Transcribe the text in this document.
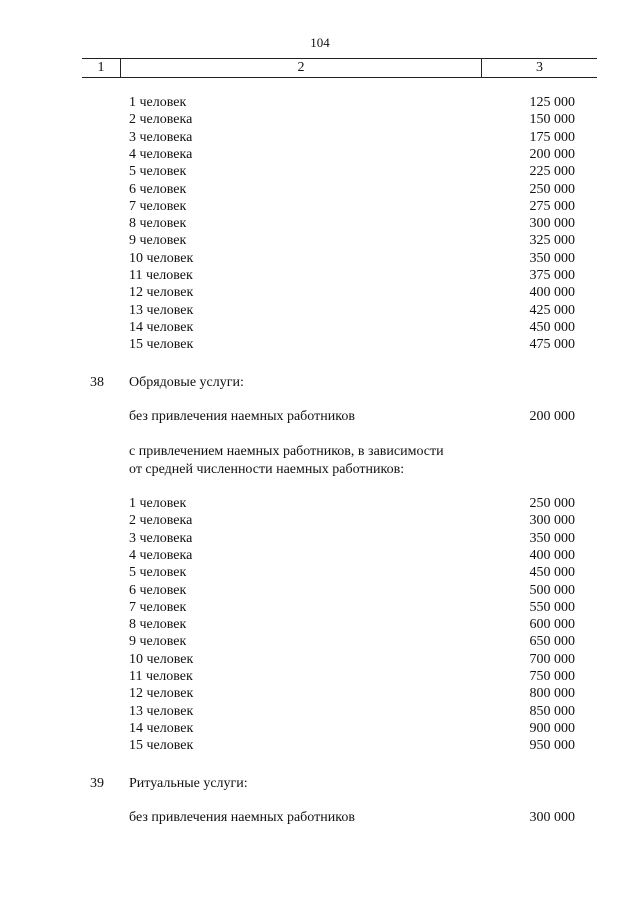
104
1	2	3
1 человек	125 000
2 человека	150 000
3 человека	175 000
4 человека	200 000
5 человек	225 000
6 человек	250 000
7 человек	275 000
8 человек	300 000
9 человек	325 000
10 человек	350 000
11 человек	375 000
12 человек	400 000
13 человек	425 000
14 человек	450 000
15 человек	475 000
38 Обрядовые услуги:
без привлечения наемных работников	200 000
с привлечением наемных работников, в зависимости
от средней численности наемных работников:
1 человек	250 000
2 человека	300 000
3 человека	350 000
4 человека	400 000
5 человек	450 000
6 человек	500 000
7 человек	550 000
8 человек	600 000
9 человек	650 000
10 человек	700 000
11 человек	750 000
12 человек	800 000
13 человек	850 000
14 человек	900 000
15 человек	950 000
39 Ритуальные услуги:
без привлечения наемных работников	300 000
